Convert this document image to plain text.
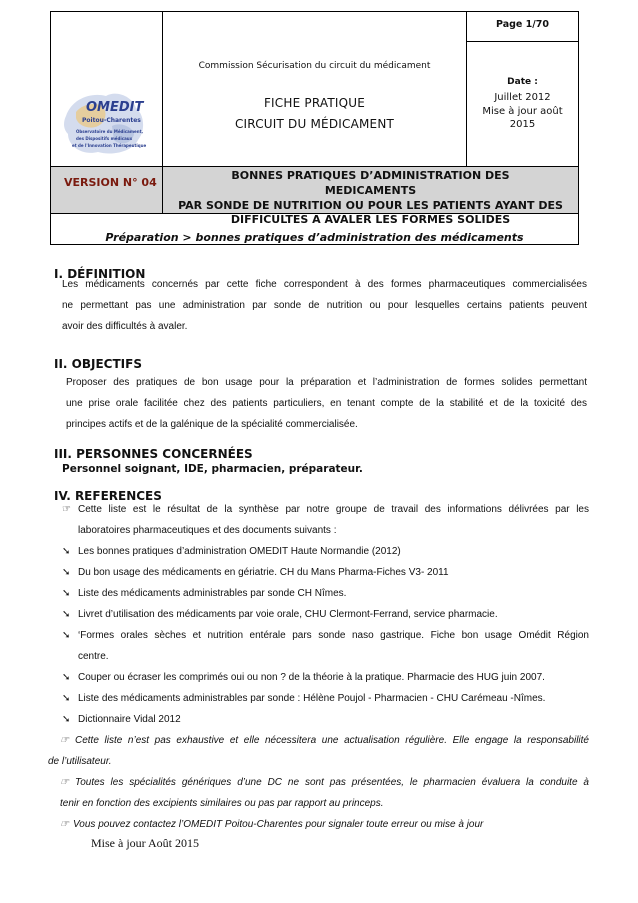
Page 1/70
Commission Sécurisation du circuit du médicament
FICHE PRATIQUE
CIRCUIT DU MÉDICAMENT
Date :
Juillet 2012
Mise à jour août
2015
OMEDIT
Poitou-Charentes
Observatoire du Médicament,
des Dispositifs médicaux
et de l'Innovation Thérapeutique
VERSION N° 04
BONNES PRATIQUES D’ADMINISTRATION DES
MEDICAMENTS
PAR SONDE DE NUTRITION OU POUR LES PATIENTS AYANT DES
DIFFICULTES A AVALER LES FORMES SOLIDES
Préparation > bonnes pratiques d’administration des médicaments
I. DÉFINITION
Les médicaments concernés par cette fiche correspondent à des formes pharmaceutiques commercialisées
ne permettant pas une administration par sonde de nutrition ou pour lesquelles certains patients peuvent
avoir des difficultés à avaler.
II. OBJECTIFS
Proposer des pratiques de bon usage pour la préparation et l’administration de formes solides permettant
une prise orale facilitée chez des patients particuliers, en tenant compte de la stabilité et de la toxicité des
principes actifs et de la galénique de la spécialité commercialisée.
III. PERSONNES CONCERNÉES
Personnel soignant, IDE, pharmacien, préparateur.
IV. REFERENCES
☞ Cette liste est le résultat de la synthèse par notre groupe de travail des informations délivrées par les
laboratoires pharmaceutiques et des documents suivants :
➘ Les bonnes pratiques d’administration OMEDIT Haute Normandie (2012)
➘ Du bon usage des médicaments en gériatrie. CH du Mans Pharma-Fiches V3- 2011
➘ Liste des médicaments administrables par sonde CH Nîmes.
➘ Livret d’utilisation des médicaments par voie orale, CHU Clermont-Ferrand, service pharmacie.
➘ ‘Formes orales sèches et nutrition entérale pars sonde naso gastrique. Fiche bon usage Omédit Région
centre.
➘ Couper ou écraser les comprimés oui ou non ? de la théorie à la pratique. Pharmacie des HUG juin 2007.
➘ Liste des médicaments administrables par sonde : Hélène Poujol - Pharmacien - CHU Carémeau -Nîmes.
➘ Dictionnaire Vidal 2012
☞ Cette liste n’est pas exhaustive et elle nécessitera une actualisation régulière. Elle engage la responsabilité
de l’utilisateur.
☞ Toutes les spécialités génériques d’une DC ne sont pas présentées, le pharmacien évaluera la conduite à
tenir en fonction des excipients similaires ou pas par rapport au princeps.
☞ Vous pouvez contactez l’OMEDIT Poitou-Charentes pour signaler toute erreur ou mise à jour
Mise à jour Août 2015
